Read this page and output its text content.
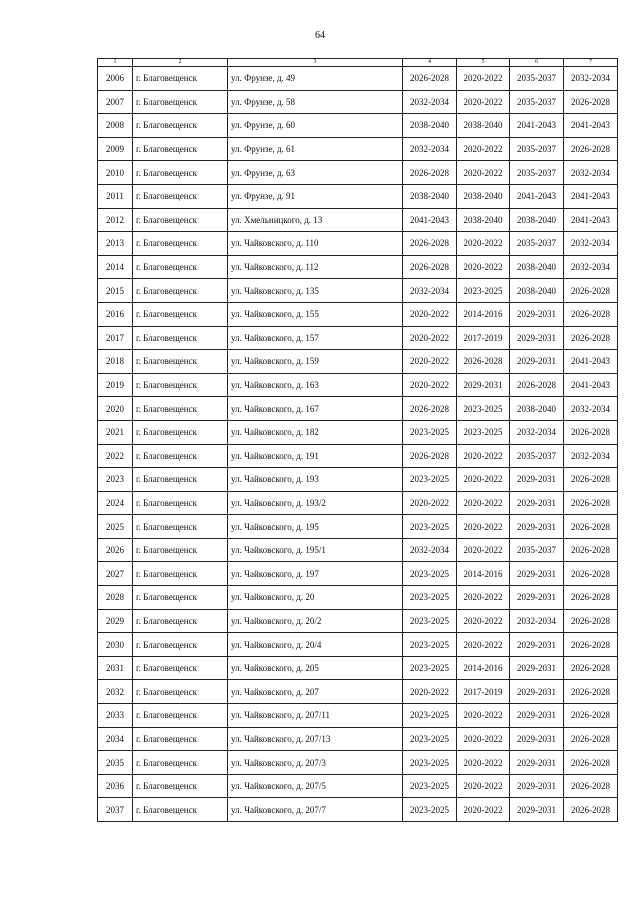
64
1	2	3	4	5	6	7
2006	г. Благовещенск	ул. Фрунзе, д. 49	2026-2028	2020-2022	2035-2037	2032-2034
2007	г. Благовещенск	ул. Фрунзе, д. 58	2032-2034	2020-2022	2035-2037	2026-2028
2008	г. Благовещенск	ул. Фрунзе, д. 60	2038-2040	2038-2040	2041-2043	2041-2043
2009	г. Благовещенск	ул. Фрунзе, д. 61	2032-2034	2020-2022	2035-2037	2026-2028
2010	г. Благовещенск	ул. Фрунзе, д. 63	2026-2028	2020-2022	2035-2037	2032-2034
2011	г. Благовещенск	ул. Фрунзе, д. 91	2038-2040	2038-2040	2041-2043	2041-2043
2012	г. Благовещенск	ул. Хмельницкого, д. 13	2041-2043	2038-2040	2038-2040	2041-2043
2013	г. Благовещенск	ул. Чайковского, д. 110	2026-2028	2020-2022	2035-2037	2032-2034
2014	г. Благовещенск	ул. Чайковского, д. 112	2026-2028	2020-2022	2038-2040	2032-2034
2015	г. Благовещенск	ул. Чайковского, д. 135	2032-2034	2023-2025	2038-2040	2026-2028
2016	г. Благовещенск	ул. Чайковского, д. 155	2020-2022	2014-2016	2029-2031	2026-2028
2017	г. Благовещенск	ул. Чайковского, д. 157	2020-2022	2017-2019	2029-2031	2026-2028
2018	г. Благовещенск	ул. Чайковского, д. 159	2020-2022	2026-2028	2029-2031	2041-2043
2019	г. Благовещенск	ул. Чайковского, д. 163	2020-2022	2029-2031	2026-2028	2041-2043
2020	г. Благовещенск	ул. Чайковского, д. 167	2026-2028	2023-2025	2038-2040	2032-2034
2021	г. Благовещенск	ул. Чайковского, д. 182	2023-2025	2023-2025	2032-2034	2026-2028
2022	г. Благовещенск	ул. Чайковского, д. 191	2026-2028	2020-2022	2035-2037	2032-2034
2023	г. Благовещенск	ул. Чайковского, д. 193	2023-2025	2020-2022	2029-2031	2026-2028
2024	г. Благовещенск	ул. Чайковского, д. 193/2	2020-2022	2020-2022	2029-2031	2026-2028
2025	г. Благовещенск	ул. Чайковского, д. 195	2023-2025	2020-2022	2029-2031	2026-2028
2026	г. Благовещенск	ул. Чайковского, д. 195/1	2032-2034	2020-2022	2035-2037	2026-2028
2027	г. Благовещенск	ул. Чайковского, д. 197	2023-2025	2014-2016	2029-2031	2026-2028
2028	г. Благовещенск	ул. Чайковского, д. 20	2023-2025	2020-2022	2029-2031	2026-2028
2029	г. Благовещенск	ул. Чайковского, д. 20/2	2023-2025	2020-2022	2032-2034	2026-2028
2030	г. Благовещенск	ул. Чайковского, д. 20/4	2023-2025	2020-2022	2029-2031	2026-2028
2031	г. Благовещенск	ул. Чайковского, д. 205	2023-2025	2014-2016	2029-2031	2026-2028
2032	г. Благовещенск	ул. Чайковского, д. 207	2020-2022	2017-2019	2029-2031	2026-2028
2033	г. Благовещенск	ул. Чайковского, д. 207/11	2023-2025	2020-2022	2029-2031	2026-2028
2034	г. Благовещенск	ул. Чайковского, д. 207/13	2023-2025	2020-2022	2029-2031	2026-2028
2035	г. Благовещенск	ул. Чайковского, д. 207/3	2023-2025	2020-2022	2029-2031	2026-2028
2036	г. Благовещенск	ул. Чайковского, д. 207/5	2023-2025	2020-2022	2029-2031	2026-2028
2037	г. Благовещенск	ул. Чайковского, д. 207/7	2023-2025	2020-2022	2029-2031	2026-2028
